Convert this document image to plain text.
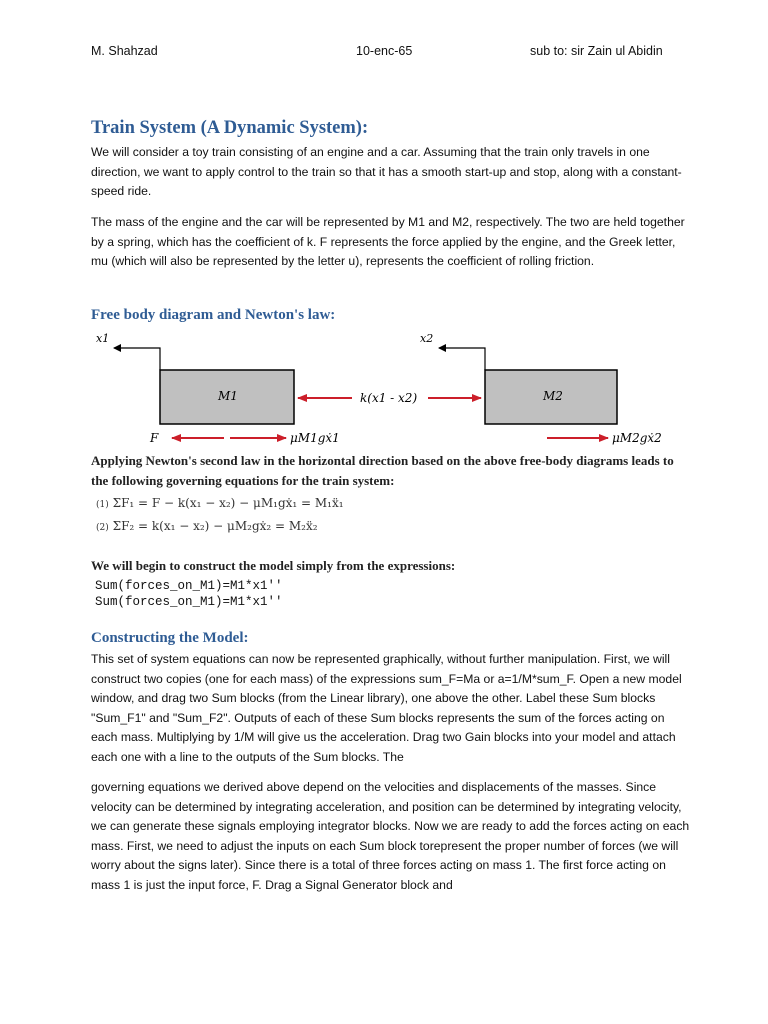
M. Shahzad	10-enc-65	sub to: sir Zain ul Abidin
Train System (A Dynamic System):

We will consider a toy train consisting of an engine and a car. Assuming that the train only travels in one direction, we want to apply control to the train so that it has a smooth start-up and stop, along with a constant-speed ride.

The mass of the engine and the car will be represented by M1 and M2, respectively. The two are held together by a spring, which has the coefficient of k. F represents the force applied by the engine, and the Greek letter, mu (which will also be represented by the letter u), represents the coefficient of rolling friction.

Free body diagram and Newton's law:
x1	x2
M1	M2
k(x1 - x2)
F	μM1gẋ1	μM2gẋ2

Applying Newton's second law in the horizontal direction based on the above free-body diagrams leads to the following governing equations for the train system:

(1) ΣF₁ = F − k(x₁ − x₂) − μM₁gẋ₁ = M₁ẍ₁
(2) ΣF₂ = k(x₁ − x₂) − μM₂gẋ₂ = M₂ẍ₂

We will begin to construct the model simply from the expressions:

Sum(forces_on_M1)=M1*x1''
Sum(forces_on_M1)=M1*x1''
Constructing the Model:

This set of system equations can now be represented graphically, without further manipulation. First, we will construct two copies (one for each mass) of the expressions sum_F=Ma or a=1/M*sum_F. Open a new model window, and drag two Sum blocks (from the Linear library), one above the other. Label these Sum blocks "Sum_F1" and "Sum_F2". Outputs of each of these Sum blocks represents the sum of the forces acting on each mass. Multiplying by 1/M will give us the acceleration. Drag two Gain blocks into your model and attach each one with a line to the outputs of the Sum blocks. The

governing equations we derived above depend on the velocities and displacements of the masses. Since velocity can be determined by integrating acceleration, and position can be determined by integrating velocity, we can generate these signals employing integrator blocks. Now we are ready to add the forces acting on each mass. First, we need to adjust the inputs on each Sum block torepresent the proper number of forces (we will worry about the signs later). Since there is a total of three forces acting on mass 1. The first force acting on mass 1 is just the input force, F. Drag a Signal Generator block and
